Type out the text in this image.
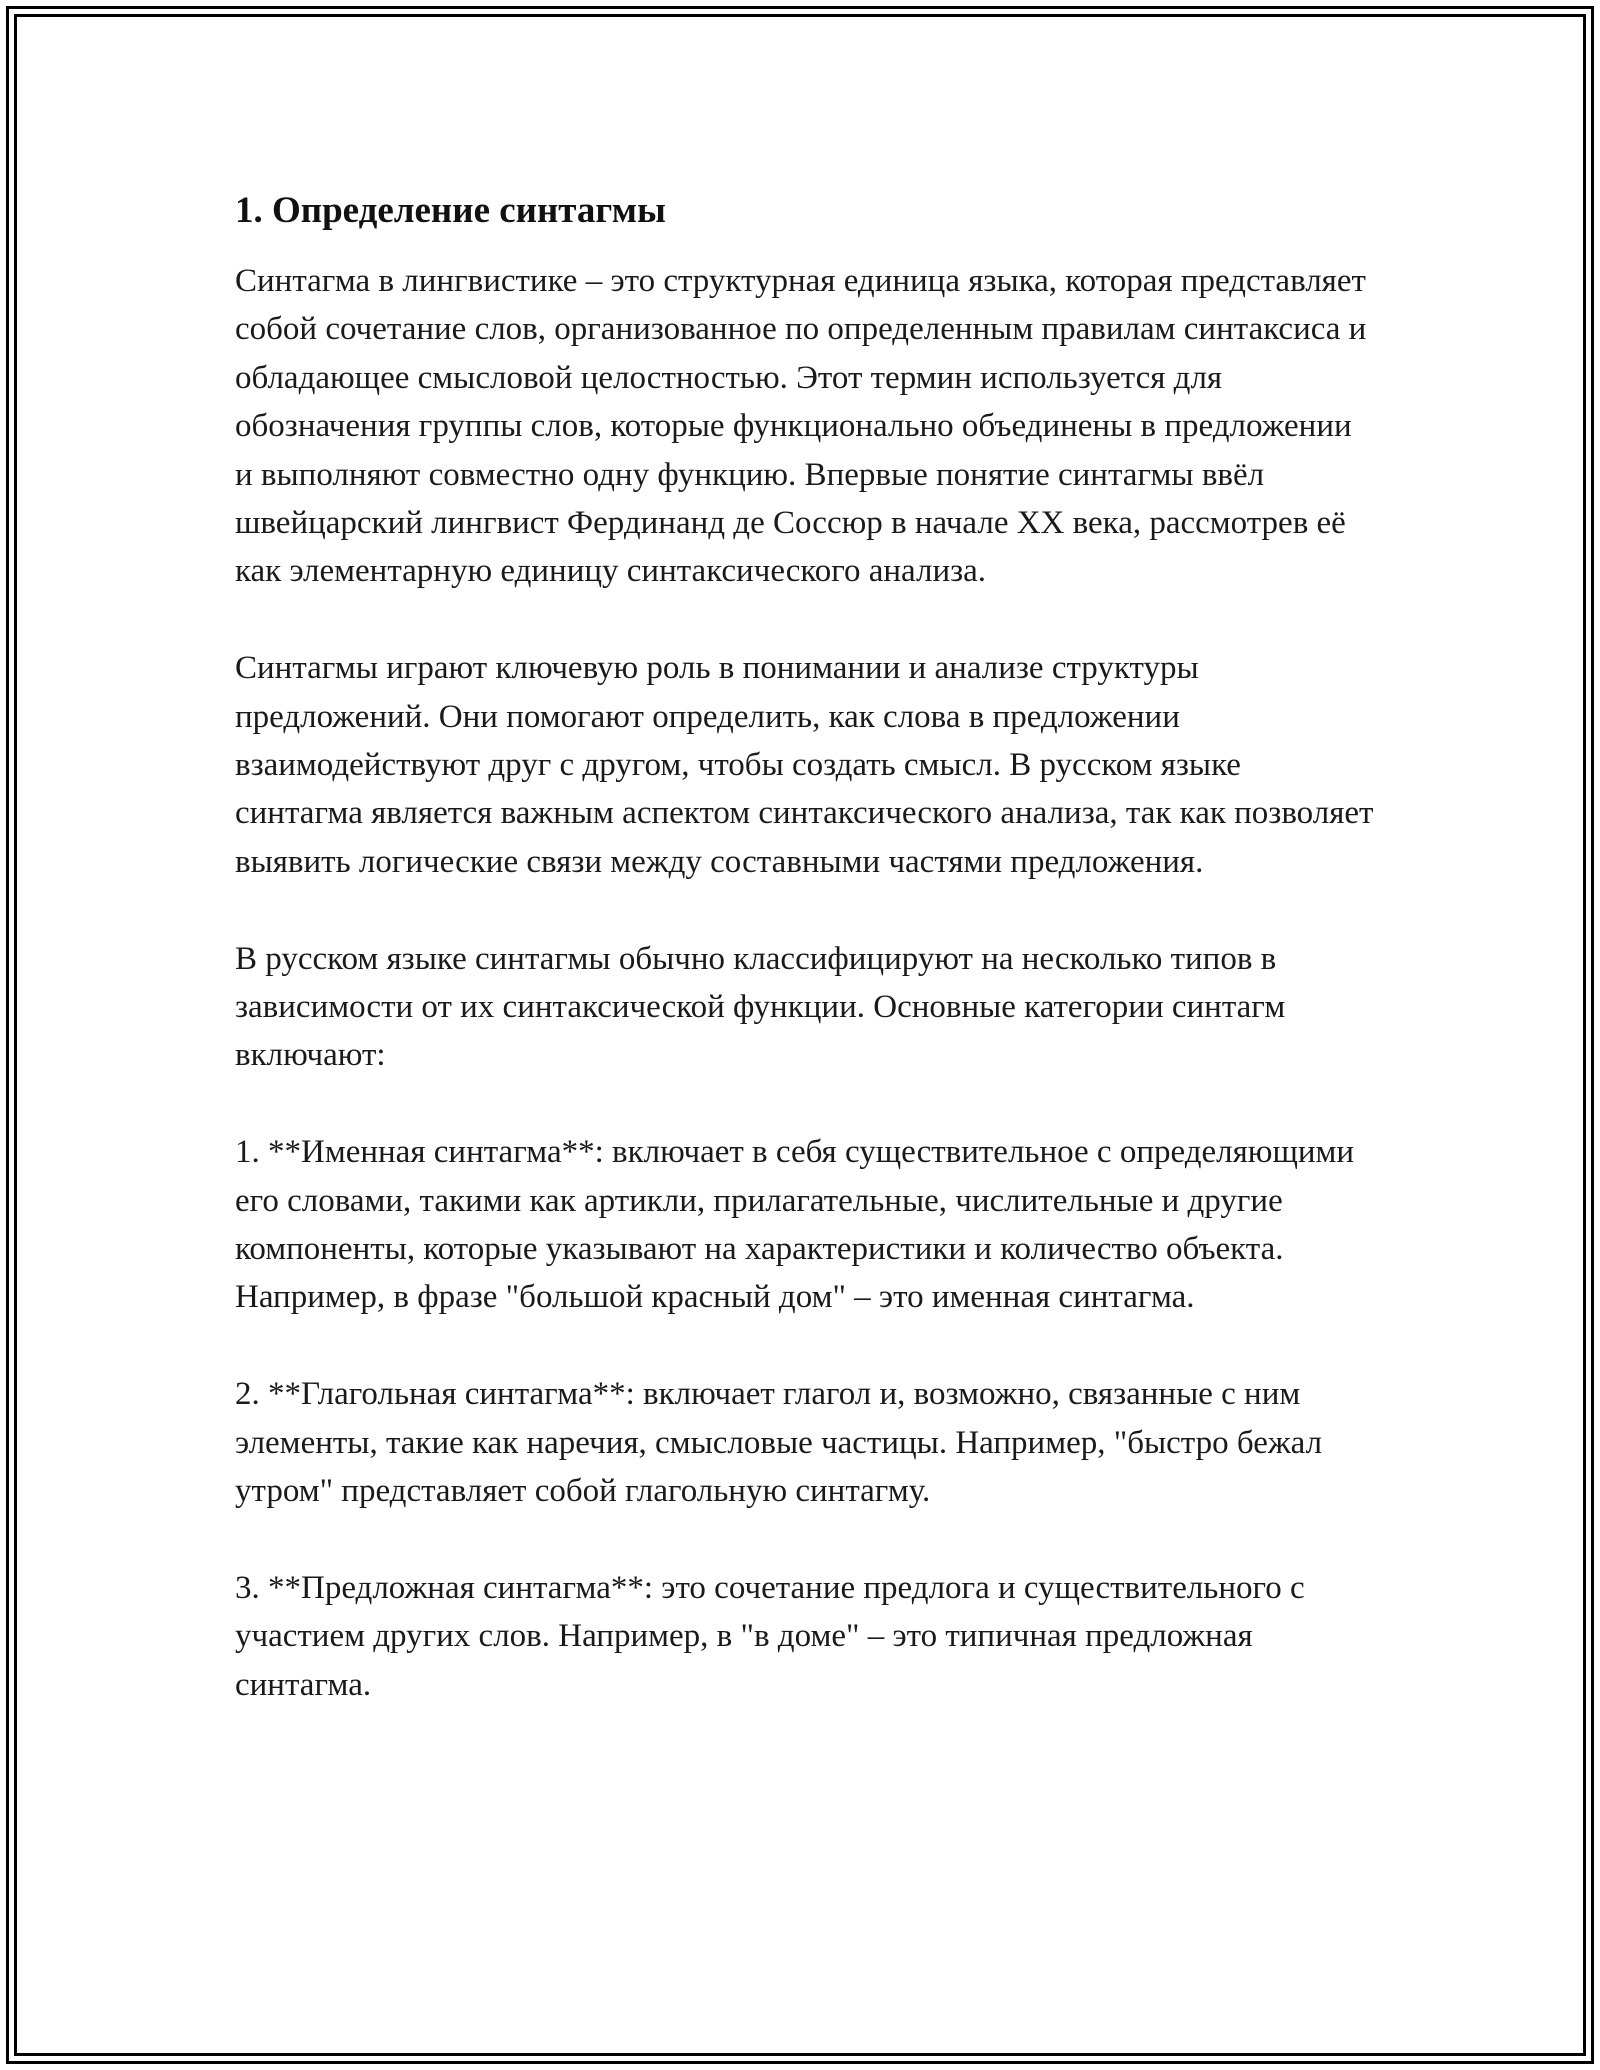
1. Определение синтагмы

Синтагма в лингвистике – это структурная единица языка, которая представляет собой сочетание слов, организованное по определенным правилам синтаксиса и обладающее смысловой целостностью. Этот термин используется для обозначения группы слов, которые функционально объединены в предложении и выполняют совместно одну функцию. Впервые понятие синтагмы ввёл швейцарский лингвист Фердинанд де Соссюр в начале XX века, рассмотрев её как элементарную единицу синтаксического анализа.

Синтагмы играют ключевую роль в понимании и анализе структуры предложений. Они помогают определить, как слова в предложении взаимодействуют друг с другом, чтобы создать смысл. В русском языке синтагма является важным аспектом синтаксического анализа, так как позволяет выявить логические связи между составными частями предложения.

В русском языке синтагмы обычно классифицируют на несколько типов в зависимости от их синтаксической функции. Основные категории синтагм включают:

1. **Именная синтагма**: включает в себя существительное с определяющими его словами, такими как артикли, прилагательные, числительные и другие компоненты, которые указывают на характеристики и количество объекта. Например, в фразе "большой красный дом" – это именная синтагма.

2. **Глагольная синтагма**: включает глагол и, возможно, связанные с ним элементы, такие как наречия, смысловые частицы. Например, "быстро бежал утром" представляет собой глагольную синтагму.

3. **Предложная синтагма**: это сочетание предлога и существительного с участием других слов. Например, в "в доме" – это типичная предложная синтагма.
